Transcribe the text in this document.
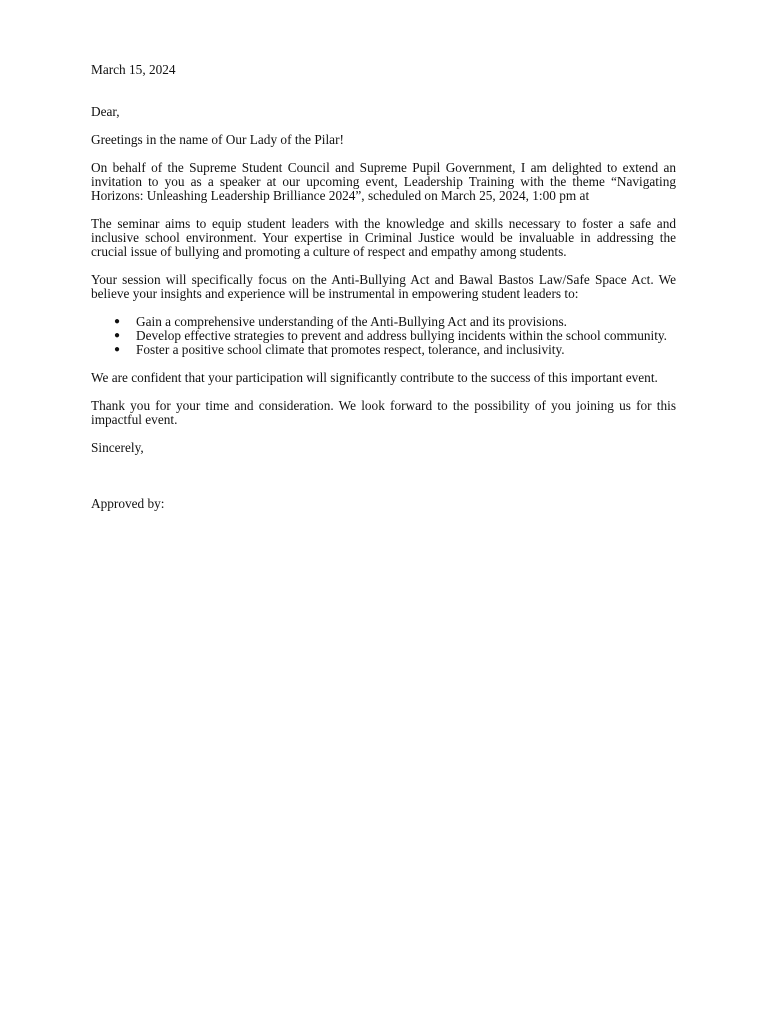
March 15, 2024

Dear,

Greetings in the name of Our Lady of the Pilar!

On behalf of the Supreme Student Council and Supreme Pupil Government, I am delighted to extend an invitation to you as a speaker at our upcoming event, Leadership Training with the theme “Navigating Horizons: Unleashing Leadership Brilliance 2024”, scheduled on March 25, 2024, 1:00 pm at

The seminar aims to equip student leaders with the knowledge and skills necessary to foster a safe and inclusive school environment. Your expertise in Criminal Justice would be invaluable in addressing the crucial issue of bullying and promoting a culture of respect and empathy among students.

Your session will specifically focus on the Anti-Bullying Act and Bawal Bastos Law/Safe Space Act. We believe your insights and experience will be instrumental in empowering student leaders to:

● Gain a comprehensive understanding of the Anti-Bullying Act and its provisions.
● Develop effective strategies to prevent and address bullying incidents within the school community.
● Foster a positive school climate that promotes respect, tolerance, and inclusivity.

We are confident that your participation will significantly contribute to the success of this important event.

Thank you for your time and consideration. We look forward to the possibility of you joining us for this impactful event.

Sincerely,

Approved by:
